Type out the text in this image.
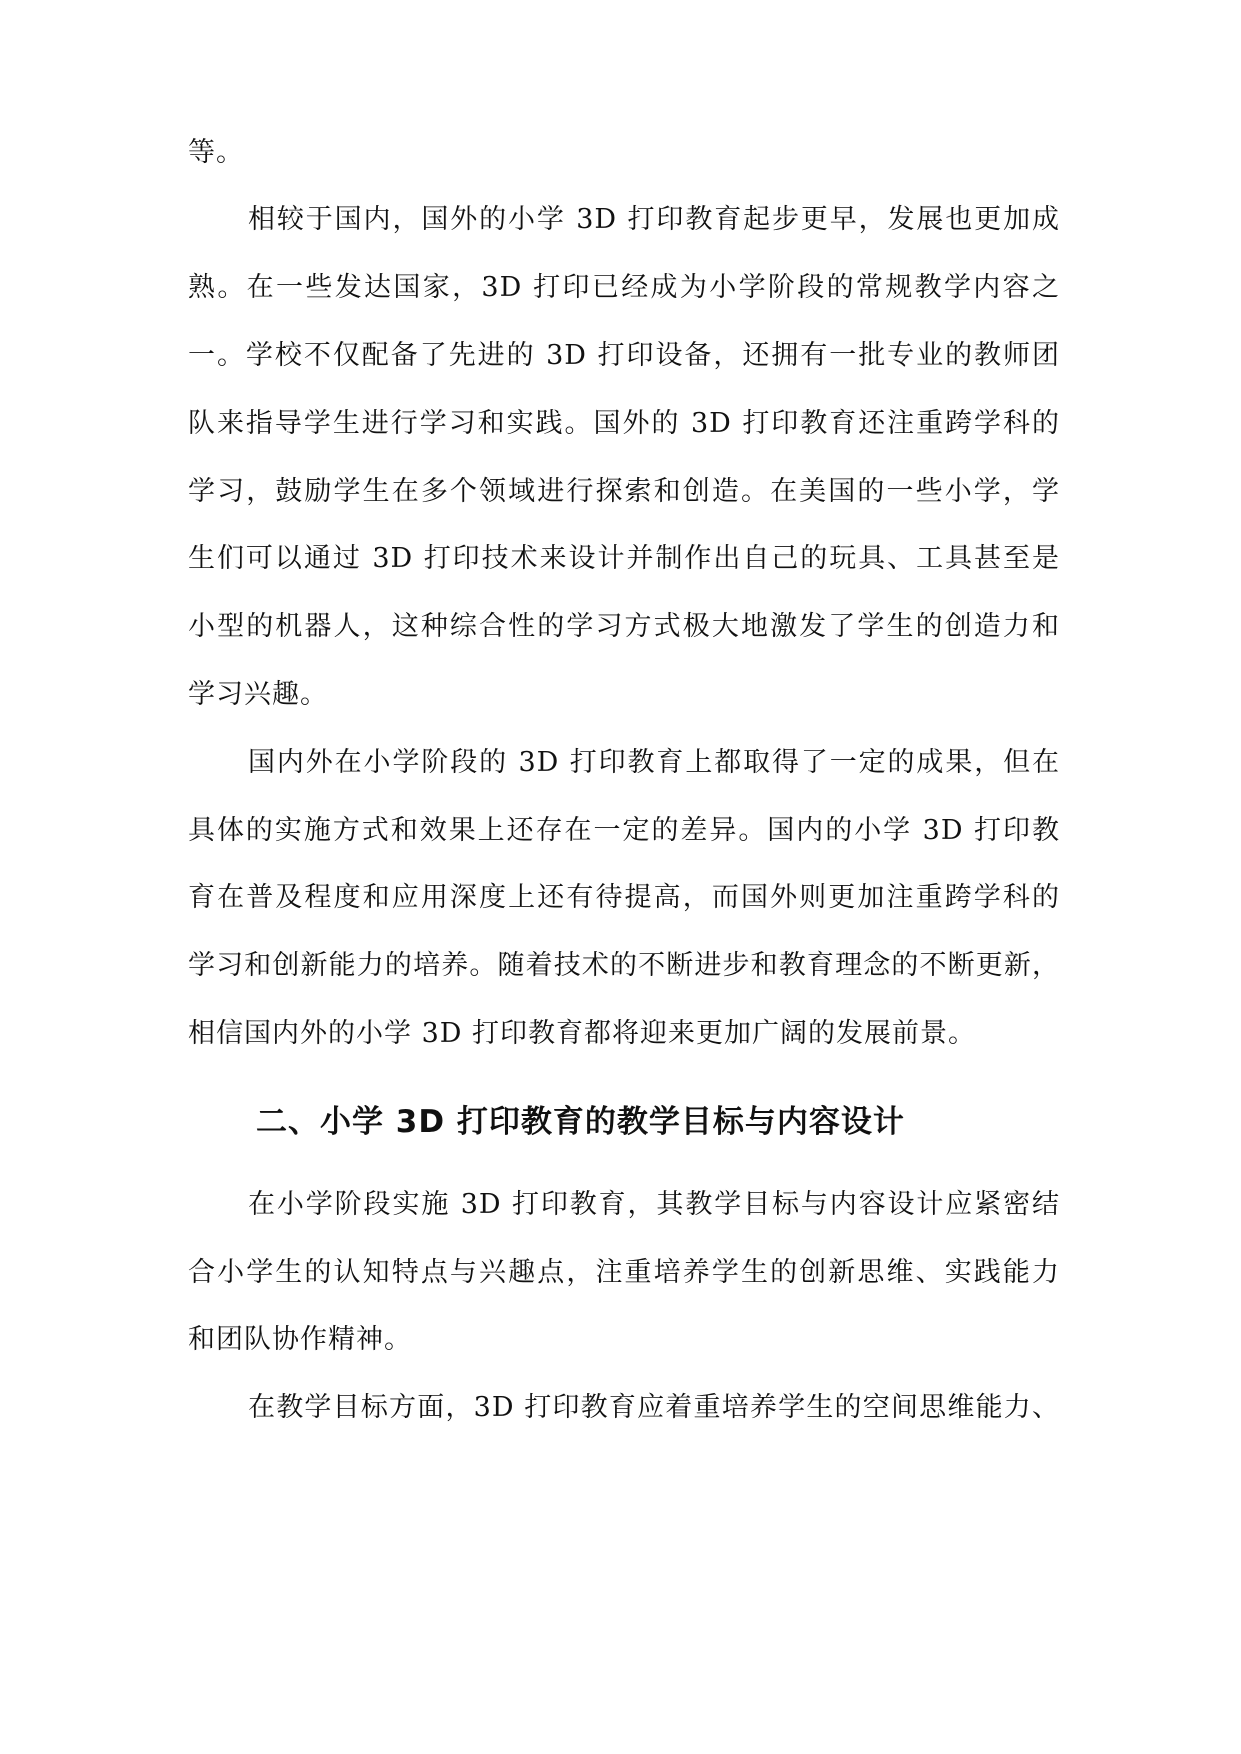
等。
相较于国内，国外的小学 3D 打印教育起步更早，发展也更加成
熟。在一些发达国家，3D 打印已经成为小学阶段的常规教学内容之
一。学校不仅配备了先进的 3D 打印设备，还拥有一批专业的教师团
队来指导学生进行学习和实践。国外的 3D 打印教育还注重跨学科的
学习，鼓励学生在多个领域进行探索和创造。在美国的一些小学，学
生们可以通过 3D 打印技术来设计并制作出自己的玩具、工具甚至是
小型的机器人，这种综合性的学习方式极大地激发了学生的创造力和
学习兴趣。
国内外在小学阶段的 3D 打印教育上都取得了一定的成果，但在
具体的实施方式和效果上还存在一定的差异。国内的小学 3D 打印教
育在普及程度和应用深度上还有待提高，而国外则更加注重跨学科的
学习和创新能力的培养。随着技术的不断进步和教育理念的不断更新，
相信国内外的小学 3D 打印教育都将迎来更加广阔的发展前景。
二、小学 3D 打印教育的教学目标与内容设计
在小学阶段实施 3D 打印教育，其教学目标与内容设计应紧密结
合小学生的认知特点与兴趣点，注重培养学生的创新思维、实践能力
和团队协作精神。
在教学目标方面，3D 打印教育应着重培养学生的空间思维能力、
